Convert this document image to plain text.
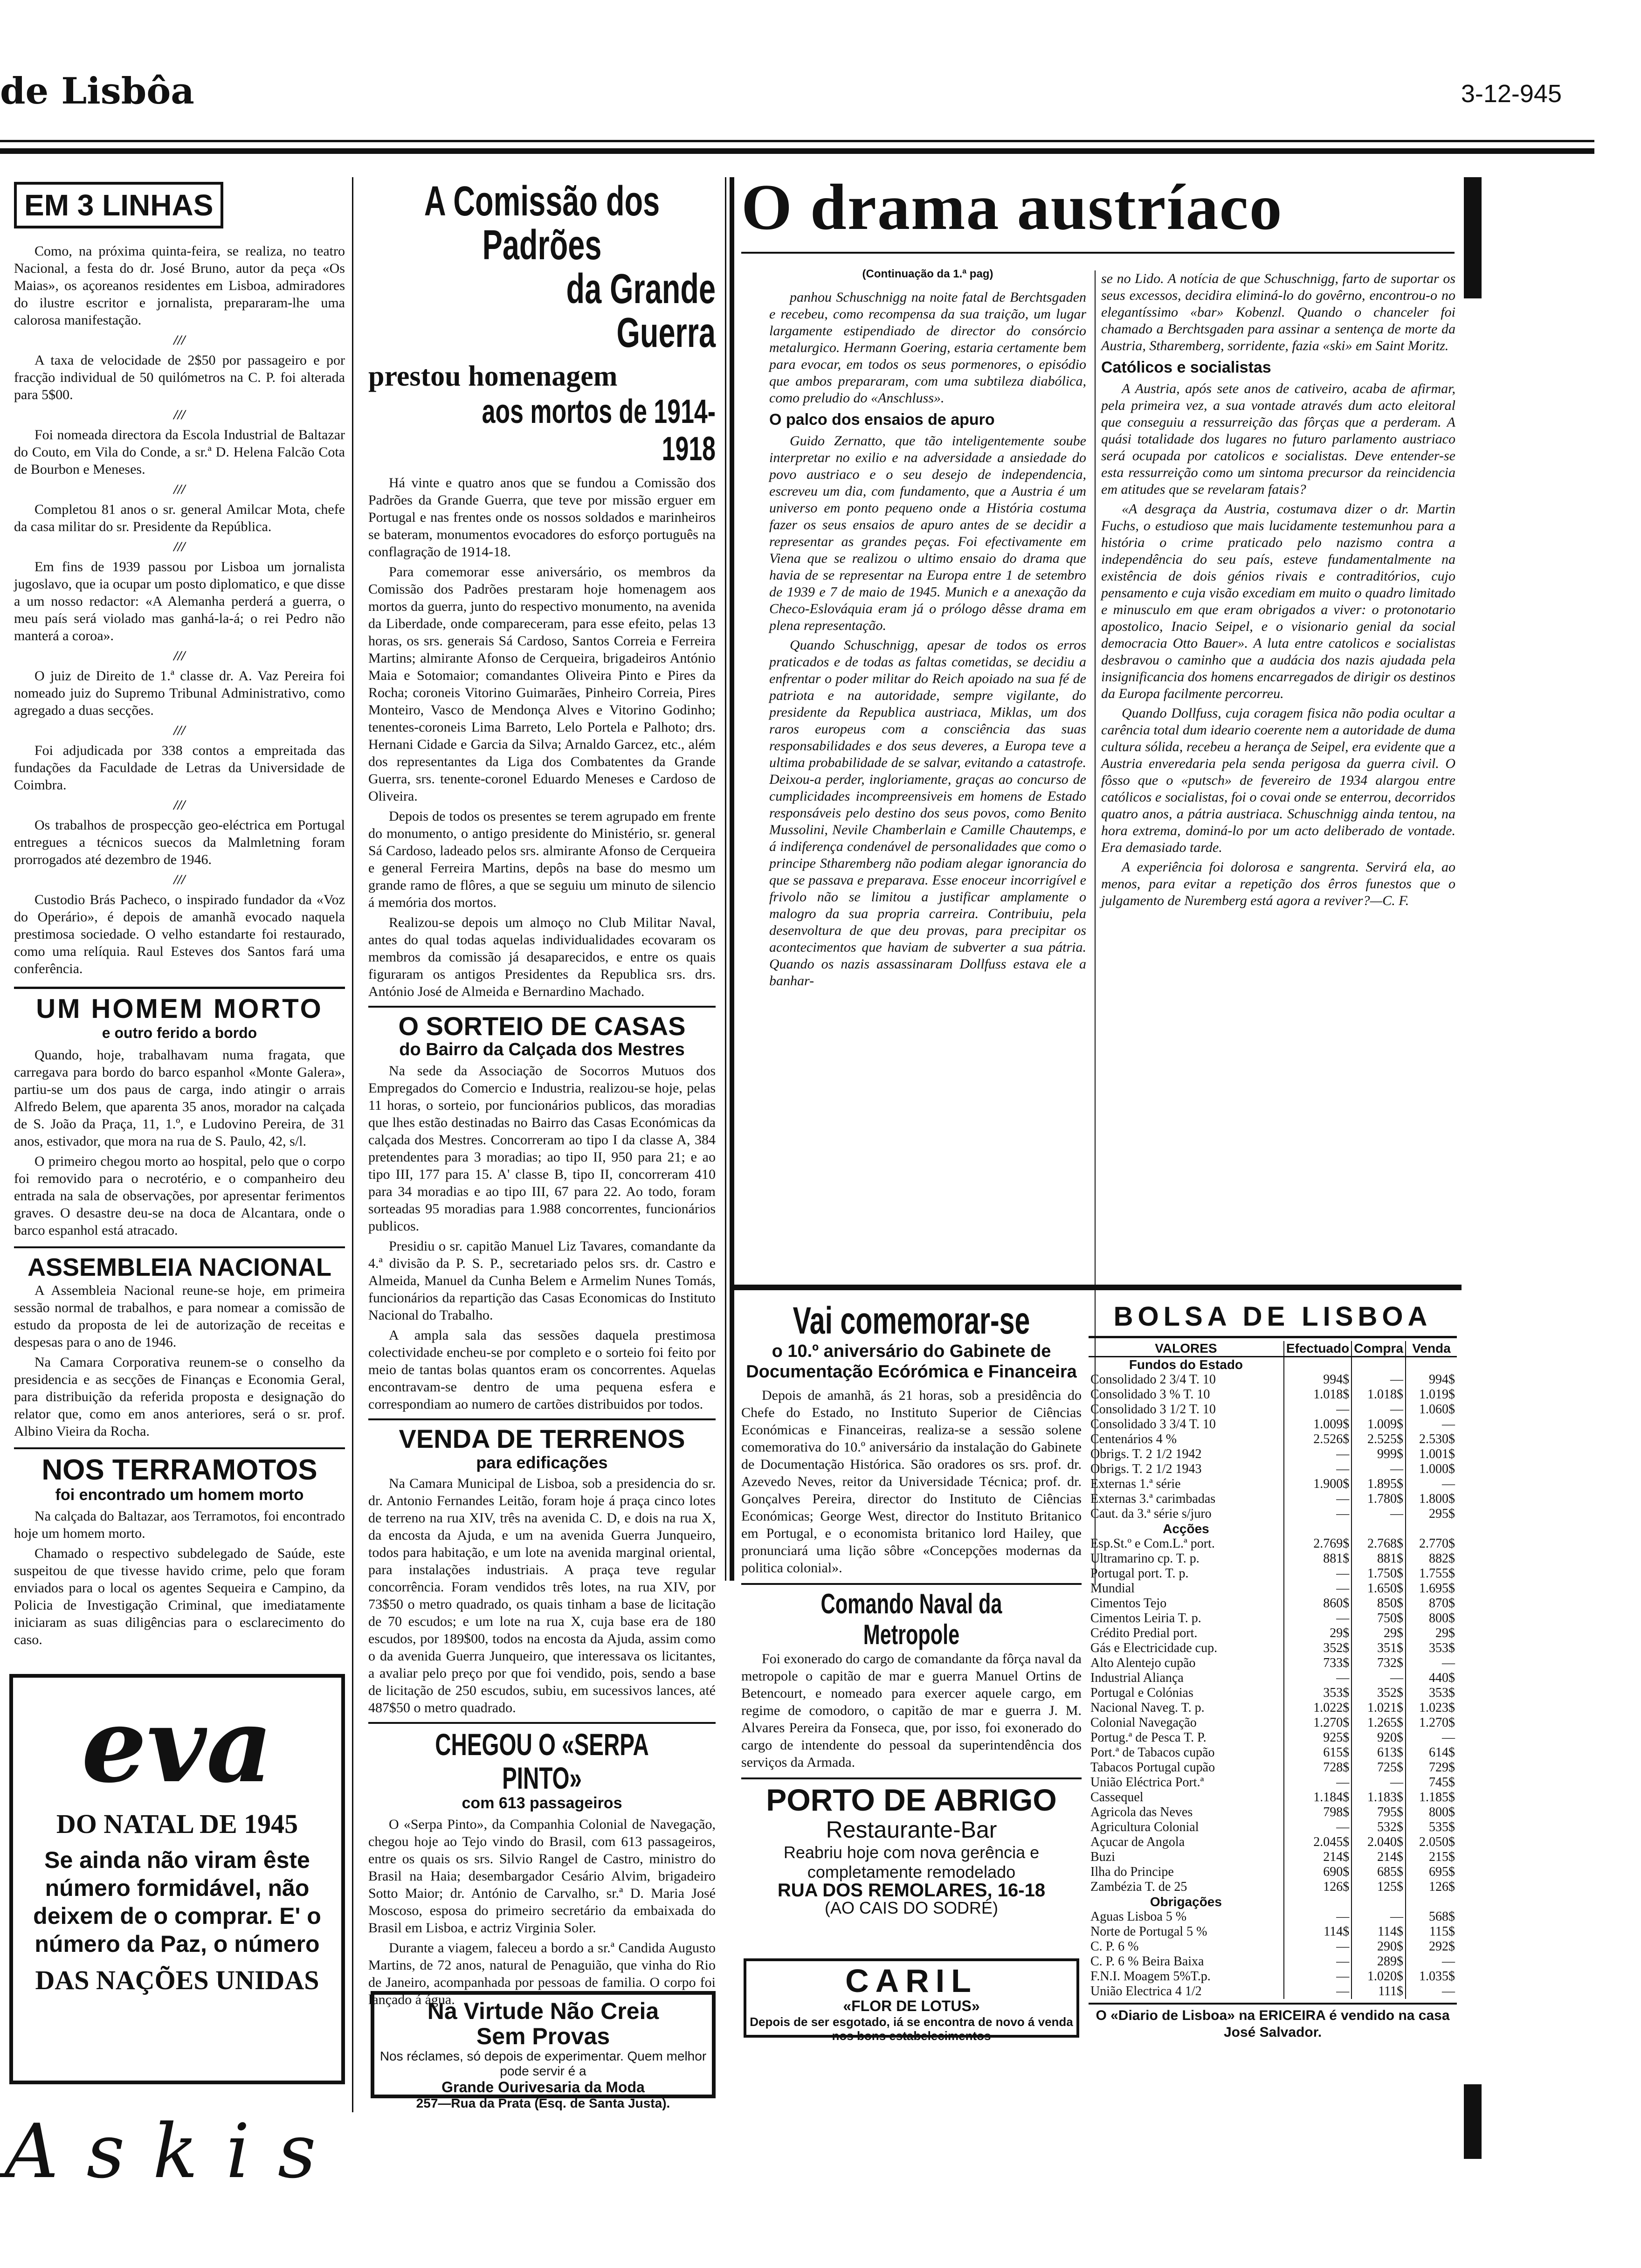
de Lisbôa	3-12-945
EM 3 LINHAS

Como, na próxima quinta-feira, se realiza, no teatro Nacional, a festa do dr. José Bruno, autor da peça «Os Maias», os açoreanos residentes em Lisboa, admiradores do ilustre escritor e jornalista, prepararam-lhe uma calorosa manifestação.

///

A taxa de velocidade de 2$50 por passageiro e por fracção individual de 50 quilómetros na C. P. foi alterada para 5$00.

///

Foi nomeada directora da Escola Industrial de Baltazar do Couto, em Vila do Conde, a sr.ª D. Helena Falcão Cota de Bourbon e Meneses.

///

Completou 81 anos o sr. general Amilcar Mota, chefe da casa militar do sr. Presidente da República.

///

Em fins de 1939 passou por Lisboa um jornalista jugoslavo, que ia ocupar um posto diplomatico, e que disse a um nosso redactor: «A Alemanha perderá a guerra, o meu país será violado mas ganhá-la-á; o rei Pedro não manterá a coroa».

///

O juiz de Direito de 1.ª classe dr. A. Vaz Pereira foi nomeado juiz do Supremo Tribunal Administrativo, como agregado a duas secções.

///

Foi adjudicada por 338 contos a empreitada das fundações da Faculdade de Letras da Universidade de Coimbra.

///

Os trabalhos de prospecção geo-eléctrica em Portugal entregues a técnicos suecos da Malmletning foram prorrogados até dezembro de 1946.

///

Custodio Brás Pacheco, o inspirado fundador da «Voz do Operário», é depois de amanhã evocado naquela prestimosa sociedade. O velho estandarte foi restaurado, como uma relíquia. Raul Esteves dos Santos fará uma conferência.

UM HOMEM MORTO
e outro ferido a bordo

Quando, hoje, trabalhavam numa fragata, que carregava para bordo do barco espanhol «Monte Galera», partiu-se um dos paus de carga, indo atingir o arrais Alfredo Belem, que aparenta 35 anos, morador na calçada de S. João da Praça, 11, 1.º, e Ludovino Pereira, de 31 anos, estivador, que mora na rua de S. Paulo, 42, s/l.

O primeiro chegou morto ao hospital, pelo que o corpo foi removido para o necrotério, e o companheiro deu entrada na sala de observações, por apresentar ferimentos graves. O desastre deu-se na doca de Alcantara, onde o barco espanhol está atracado.

ASSEMBLEIA NACIONAL

A Assembleia Nacional reune-se hoje, em primeira sessão normal de trabalhos, e para nomear a comissão de estudo da proposta de lei de autorização de receitas e despesas para o ano de 1946.

Na Camara Corporativa reunem-se o conselho da presidencia e as secções de Finanças e Economia Geral, para distribuição da referida proposta e designação do relator que, como em anos anteriores, será o sr. prof. Albino Vieira da Rocha.

NOS TERRAMOTOS
foi encontrado um homem morto

Na calçada do Baltazar, aos Terramotos, foi encontrado hoje um homem morto.

Chamado o respectivo subdelegado de Saúde, este suspeitou de que tivesse havido crime, pelo que foram enviados para o local os agentes Sequeira e Campino, da Policia de Investigação Criminal, que imediatamente iniciaram as suas diligências para o esclarecimento do caso.

eva
DO NATAL DE 1945
Se ainda não viram êste número formidável, não deixem de o comprar. E' o número da Paz, o número
DAS NAÇÕES UNIDAS
Askis
A Comissão dos Padrões
da Grande Guerra
prestou homenagem
aos mortos de 1914-1918

Há vinte e quatro anos que se fundou a Comissão dos Padrões da Grande Guerra, que teve por missão erguer em Portugal e nas frentes onde os nossos soldados e marinheiros se bateram, monumentos evocadores do esforço português na conflagração de 1914-18.

Para comemorar esse aniversário, os membros da Comissão dos Padrões prestaram hoje homenagem aos mortos da guerra, junto do respectivo monumento, na avenida da Liberdade, onde compareceram, para esse efeito, pelas 13 horas, os srs. generais Sá Cardoso, Santos Correia e Ferreira Martins; almirante Afonso de Cerqueira, brigadeiros António Maia e Sotomaior; comandantes Oliveira Pinto e Pires da Rocha; coroneis Vitorino Guimarães, Pinheiro Correia, Pires Monteiro, Vasco de Mendonça Alves e Vitorino Godinho; tenentes-coroneis Lima Barreto, Lelo Portela e Palhoto; drs. Hernani Cidade e Garcia da Silva; Arnaldo Garcez, etc., além dos representantes da Liga dos Combatentes da Grande Guerra, srs. tenente-coronel Eduardo Meneses e Cardoso de Oliveira.

Depois de todos os presentes se terem agrupado em frente do monumento, o antigo presidente do Ministério, sr. general Sá Cardoso, ladeado pelos srs. almirante Afonso de Cerqueira e general Ferreira Martins, depôs na base do mesmo um grande ramo de flôres, a que se seguiu um minuto de silencio á memória dos mortos.

Realizou-se depois um almoço no Club Militar Naval, antes do qual todas aquelas individualidades ecovaram os membros da comissão já desaparecidos, e entre os quais figuraram os antigos Presidentes da Republica srs. drs. António José de Almeida e Bernardino Machado.

O SORTEIO DE CASAS
do Bairro da Calçada dos Mestres

Na sede da Associação de Socorros Mutuos dos Empregados do Comercio e Industria, realizou-se hoje, pelas 11 horas, o sorteio, por funcionários publicos, das moradias que lhes estão destinadas no Bairro das Casas Económicas da calçada dos Mestres. Concorreram ao tipo I da classe A, 384 pretendentes para 3 moradias; ao tipo II, 950 para 21; e ao tipo III, 177 para 15. A' classe B, tipo II, concorreram 410 para 34 moradias e ao tipo III, 67 para 22. Ao todo, foram sorteadas 95 moradias para 1.988 concorrentes, funcionários publicos.

Presidiu o sr. capitão Manuel Liz Tavares, comandante da 4.ª divisão da P. S. P., secretariado pelos srs. dr. Castro e Almeida, Manuel da Cunha Belem e Armelim Nunes Tomás, funcionários da repartição das Casas Economicas do Instituto Nacional do Trabalho.

A ampla sala das sessões daquela prestimosa colectividade encheu-se por completo e o sorteio foi feito por meio de tantas bolas quantos eram os concorrentes. Aquelas encontravam-se dentro de uma pequena esfera e correspondiam ao numero de cartões distribuidos por todos.

VENDA DE TERRENOS
para edificações

Na Camara Municipal de Lisboa, sob a presidencia do sr. dr. Antonio Fernandes Leitão, foram hoje á praça cinco lotes de terreno na rua XIV, três na avenida C. D, e dois na rua X, da encosta da Ajuda, e um na avenida Guerra Junqueiro, todos para habitação, e um lote na avenida marginal oriental, para instalações industriais. A praça teve regular concorrência. Foram vendidos três lotes, na rua XIV, por 73$50 o metro quadrado, os quais tinham a base de licitação de 70 escudos; e um lote na rua X, cuja base era de 180 escudos, por 189$00, todos na encosta da Ajuda, assim como o da avenida Guerra Junqueiro, que interessava os licitantes, a avaliar pelo preço por que foi vendido, pois, sendo a base de licitação de 250 escudos, subiu, em sucessivos lances, até 487$50 o metro quadrado.

CHEGOU O «SERPA PINTO»
com 613 passageiros

O «Serpa Pinto», da Companhia Colonial de Navegação, chegou hoje ao Tejo vindo do Brasil, com 613 passageiros, entre os quais os srs. Silvio Rangel de Castro, ministro do Brasil na Haia; desembargador Cesário Alvim, brigadeiro Sotto Maior; dr. António de Carvalho, sr.ª D. Maria José Moscoso, esposa do primeiro secretário da embaixada do Brasil em Lisboa, e actriz Virginia Soler.

Durante a viagem, faleceu a bordo a sr.ª Candida Augusto Martins, de 72 anos, natural de Penaguião, que vinha do Rio de Janeiro, acompanhada por pessoas de familia. O corpo foi lançado á água.

Na Virtude Não Creia
Sem Provas
Nos réclames, só depois de experimentar. Quem melhor pode servir é a
Grande Ourivesaria da Moda
257—Rua da Prata (Esq. de Santa Justa).
O drama austríaco
(Continuação da 1.ª pag)

panhou Schuschnigg na noite fatal de Berchtsgaden e recebeu, como recompensa da sua traição, um lugar largamente estipendiado de director do consórcio metalurgico. Hermann Goering, estaria certamente bem para evocar, em todos os seus pormenores, o episódio que ambos prepararam, com uma subtileza diabólica, como preludio do «Anschluss».

O palco dos ensaios de apuro

Guido Zernatto, que tão inteligentemente soube interpretar no exilio e na adversidade a ansiedade do povo austriaco e o seu desejo de independencia, escreveu um dia, com fundamento, que a Austria é um universo em ponto pequeno onde a História costuma fazer os seus ensaios de apuro antes de se decidir a representar as grandes peças. Foi efectivamente em Viena que se realizou o ultimo ensaio do drama que havia de se representar na Europa entre 1 de setembro de 1939 e 7 de maio de 1945. Munich e a anexação da Checo-Eslováquia eram já o prólogo dêsse drama em plena representação.

Quando Schuschnigg, apesar de todos os erros praticados e de todas as faltas cometidas, se decidiu a enfrentar o poder militar do Reich apoiado na sua fé de patriota e na autoridade, sempre vigilante, do presidente da Republica austriaca, Miklas, um dos raros europeus com a consciência das suas responsabilidades e dos seus deveres, a Europa teve a ultima probabilidade de se salvar, evitando a catastrofe. Deixou-a perder, ingloriamente, graças ao concurso de cumplicidades incompreensiveis em homens de Estado responsáveis pelo destino dos seus povos, como Benito Mussolini, Nevile Chamberlain e Camille Chautemps, e á indiferença condenável de personalidades que como o principe Stharemberg não podiam alegar ignorancia do que se passava e preparava. Esse enoceur incorrigível e frivolo não se limitou a justificar amplamente o malogro da sua propria carreira. Contribuiu, pela desenvoltura de que deu provas, para precipitar os acontecimentos que haviam de subverter a sua pátria. Quando os nazis assassinaram Dollfuss estava ele a banhar-

se no Lido. A notícia de que Schuschnigg, farto de suportar os seus excessos, decidira eliminá-lo do govêrno, encontrou-o no elegantíssimo «bar» Kobenzl. Quando o chanceler foi chamado a Berchtsgaden para assinar a sentença de morte da Austria, Stharemberg, sorridente, fazia «ski» em Saint Moritz.

Católicos e socialistas

A Austria, após sete anos de cativeiro, acaba de afirmar, pela primeira vez, a sua vontade através dum acto eleitoral que conseguiu a ressurreição das fôrças que a perderam. A quási totalidade dos lugares no futuro parlamento austriaco será ocupada por catolicos e socialistas. Deve entender-se esta ressurreição como um sintoma precursor da reincidencia em atitudes que se revelaram fatais?

«A desgraça da Austria, costumava dizer o dr. Martin Fuchs, o estudioso que mais lucidamente testemunhou para a história o crime praticado pelo nazismo contra a independência do seu país, esteve fundamentalmente na existência de dois génios rivais e contraditórios, cujo pensamento e cuja visão excediam em muito o quadro limitado e minusculo em que eram obrigados a viver: o protonotario apostolico, Inacio Seipel, e o visionario genial da social democracia Otto Bauer». A luta entre catolicos e socialistas desbravou o caminho que a audácia dos nazis ajudada pela insignificancia dos homens encarregados de dirigir os destinos da Europa facilmente percorreu.

Quando Dollfuss, cuja coragem fisica não podia ocultar a carência total dum ideario coerente nem a autoridade de duma cultura sólida, recebeu a herança de Seipel, era evidente que a Austria enveredaria pela senda perigosa da guerra civil. O fôsso que o «putsch» de fevereiro de 1934 alargou entre católicos e socialistas, foi o covai onde se enterrou, decorridos quatro anos, a pátria austriaca. Schuschnigg ainda tentou, na hora extrema, dominá-lo por um acto deliberado de vontade. Era demasiado tarde.

A experiência foi dolorosa e sangrenta. Servirá ela, ao menos, para evitar a repetição dos êrros funestos que o julgamento de Nuremberg está agora a reviver?—C. F.

Vai comemorar-se
o 10.º aniversário do Gabinete de Documentação Ecórómica e Financeira

Depois de amanhã, ás 21 horas, sob a presidência do Chefe do Estado, no Instituto Superior de Ciências Económicas e Financeiras, realiza-se a sessão solene comemorativa do 10.º aniversário da instalação do Gabinete de Documentação Histórica. São oradores os srs. prof. dr. Azevedo Neves, reitor da Universidade Técnica; prof. dr. Gonçalves Pereira, director do Instituto de Ciências Económicas; George West, director do Instituto Britanico em Portugal, e o economista britanico lord Hailey, que pronunciará uma lição sôbre «Concepções modernas da politica colonial».

Comando Naval da Metropole

Foi exonerado do cargo de comandante da fôrça naval da metropole o capitão de mar e guerra Manuel Ortins de Betencourt, e nomeado para exercer aquele cargo, em regime de comodoro, o capitão de mar e guerra J. M. Alvares Pereira da Fonseca, que, por isso, foi exonerado do cargo de intendente do pessoal da superintendência dos serviços da Armada.

PORTO DE ABRIGO
Restaurante-Bar
Reabriu hoje com nova gerência e completamente remodelado
RUA DOS REMOLARES, 16-18
(AO CAIS DO SODRÉ)
CARIL
«FLOR DE LOTUS»
Depois de ser esgotado, iá se encontra de novo á venda nos bons estabelecimentos
BOLSA DE LISBOA
VALORES	Efectuado	Compra	Venda
Fundos do Estado			
Consolidado 2 3/4 T. 10	994$	—	994$
Consolidado 3 % T. 10	1.018$	1.018$	1.019$
Consolidado 3 1/2 T. 10	—	—	1.060$
Consolidado 3 3/4 T. 10	1.009$	1.009$	—
Centenários 4 %	2.526$	2.525$	2.530$
Obrigs. T. 2 1/2 1942	—	999$	1.001$
Obrigs. T. 2 1/2 1943	—	—	1.000$
Externas 1.ª série	1.900$	1.895$	—
Externas 3.ª carimbadas	—	1.780$	1.800$
Caut. da 3.ª série s/juro	—	—	295$
Acções			
Esp.St.º e Com.L.ª port.	2.769$	2.768$	2.770$
Ultramarino cp. T. p.	881$	881$	882$
Portugal port. T. p.	—	1.750$	1.755$
Mundial	—	1.650$	1.695$
Cimentos Tejo	860$	850$	870$
Cimentos Leiria T. p.	—	750$	800$
Crédito Predial port.	29$	29$	29$
Gás e Electricidade cup.	352$	351$	353$
Alto Alentejo cupão	733$	732$	—
Industrial Aliança	—	—	440$
Portugal e Colónias	353$	352$	353$
Nacional Naveg. T. p.	1.022$	1.021$	1.023$
Colonial Navegação	1.270$	1.265$	1.270$
Portug.ª de Pesca T. P.	925$	920$	—
Port.ª de Tabacos cupão	615$	613$	614$
Tabacos Portugal cupão	728$	725$	729$
União Eléctrica Port.ª	—	—	745$
Cassequel	1.184$	1.183$	1.185$
Agricola das Neves	798$	795$	800$
Agricultura Colonial	—	532$	535$
Açucar de Angola	2.045$	2.040$	2.050$
Buzi	214$	214$	215$
Ilha do Principe	690$	685$	695$
Zambézia T. de 25	126$	125$	126$
Obrigações			
Aguas Lisboa 5 %	—	—	568$
Norte de Portugal 5 %	114$	114$	115$
C. P. 6 %	—	290$	292$
C. P. 6 % Beira Baixa	—	289$	—
F.N.I. Moagem 5%T.p.	—	1.020$	1.035$
União Electrica 4 1/2	—	111$	—
O «Diario de Lisboa» na ERICEIRA é vendido na casa José Salvador.
